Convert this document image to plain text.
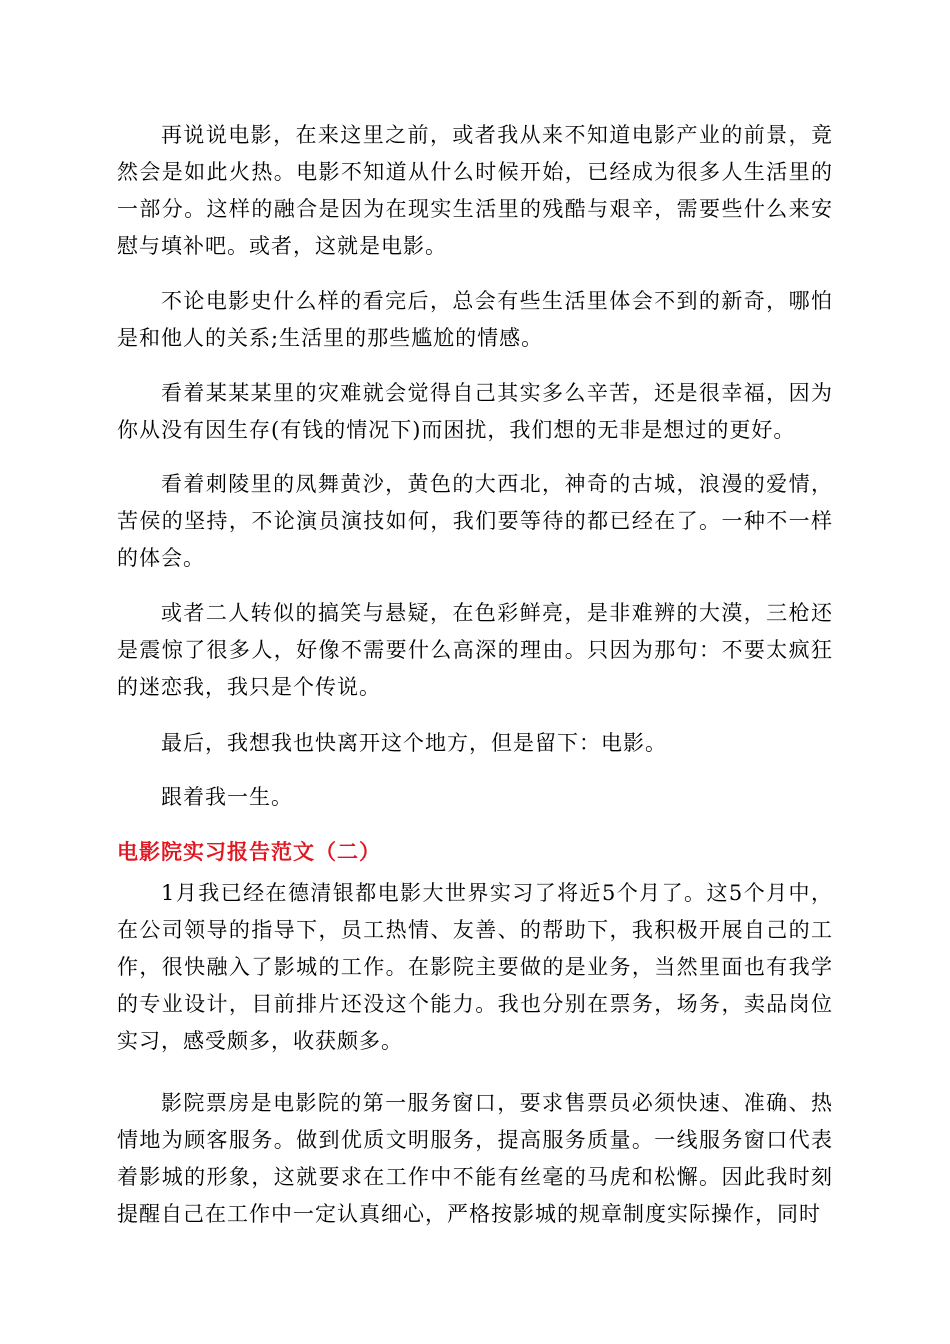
再说说电影，在来这里之前，或者我从来不知道电影产业的前景，竟然会是如此火热。电影不知道从什么时候开始，已经成为很多人生活里的一部分。这样的融合是因为在现实生活里的残酷与艰辛，需要些什么来安慰与填补吧。或者，这就是电影。

不论电影史什么样的看完后，总会有些生活里体会不到的新奇，哪怕是和他人的关系;生活里的那些尴尬的情感。

看着某某某里的灾难就会觉得自己其实多么辛苦，还是很幸福，因为你从没有因生存(有钱的情况下)而困扰，我们想的无非是想过的更好。

看着刺陵里的凤舞黄沙，黄色的大西北，神奇的古城，浪漫的爱情，苦侯的坚持，不论演员演技如何，我们要等待的都已经在了。一种不一样的体会。

或者二人转似的搞笑与悬疑，在色彩鲜亮，是非难辨的大漠，三枪还是震惊了很多人，好像不需要什么高深的理由。只因为那句：不要太疯狂的迷恋我，我只是个传说。

最后，我想我也快离开这个地方，但是留下：电影。

跟着我一生。

电影院实习报告范文（二）

1月我已经在德清银都电影大世界实习了将近5个月了。这5个月中，在公司领导的指导下，员工热情、友善、的帮助下，我积极开展自己的工作，很快融入了影城的工作。在影院主要做的是业务，当然里面也有我学的专业设计，目前排片还没这个能力。我也分别在票务，场务，卖品岗位实习，感受颇多，收获颇多。

影院票房是电影院的第一服务窗口，要求售票员必须快速、准确、热情地为顾客服务。做到优质文明服务，提高服务质量。一线服务窗口代表着影城的形象，这就要求在工作中不能有丝毫的马虎和松懈。因此我时刻提醒自己在工作中一定认真细心，严格按影城的规章制度实际操作，同时
